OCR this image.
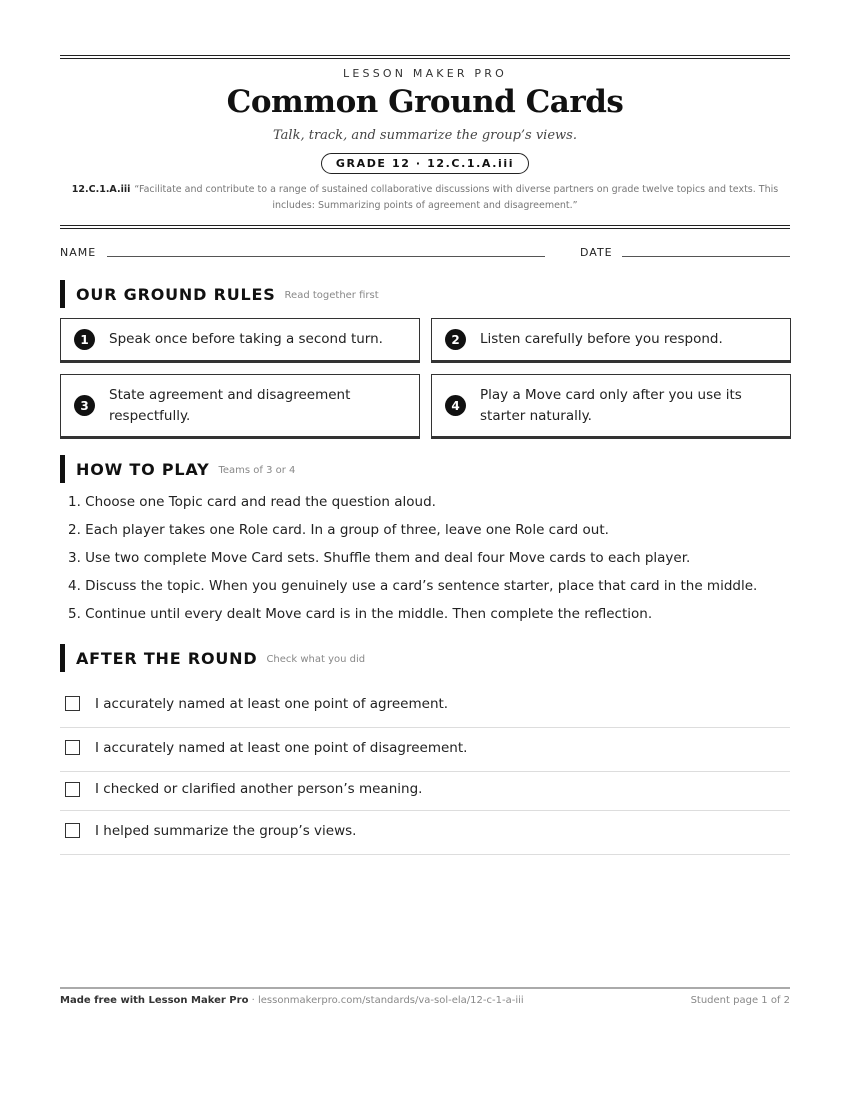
LESSON MAKER PRO
Common Ground Cards
Talk, track, and summarize the group’s views.
GRADE 12 · 12.C.1.A.iii
12.C.1.A.iii “Facilitate and contribute to a range of sustained collaborative discussions with diverse partners on grade twelve topics and texts. This includes: Summarizing points of agreement and disagreement.”
NAME	DATE
OUR GROUND RULES Read together first
1	Speak once before taking a second turn.	2	Listen carefully before you respond.
3
State agreement and disagreement respectfully.
4
Play a Move card only after you use its starter naturally.
HOW TO PLAY Teams of 3 or 4
1. Choose one Topic card and read the question aloud.
2. Each player takes one Role card. In a group of three, leave one Role card out.
3. Use two complete Move Card sets. Shuffle them and deal four Move cards to each player.
4. Discuss the topic. When you genuinely use a card’s sentence starter, place that card in the middle.
5. Continue until every dealt Move card is in the middle. Then complete the reflection.
AFTER THE ROUND Check what you did
I accurately named at least one point of agreement.
I accurately named at least one point of disagreement.
I checked or clarified another person’s meaning.
I helped summarize the group’s views.
Made free with Lesson Maker Pro · lessonmakerpro.com/standards/va-sol-ela/12-c-1-a-iii	Student page 1 of 2
